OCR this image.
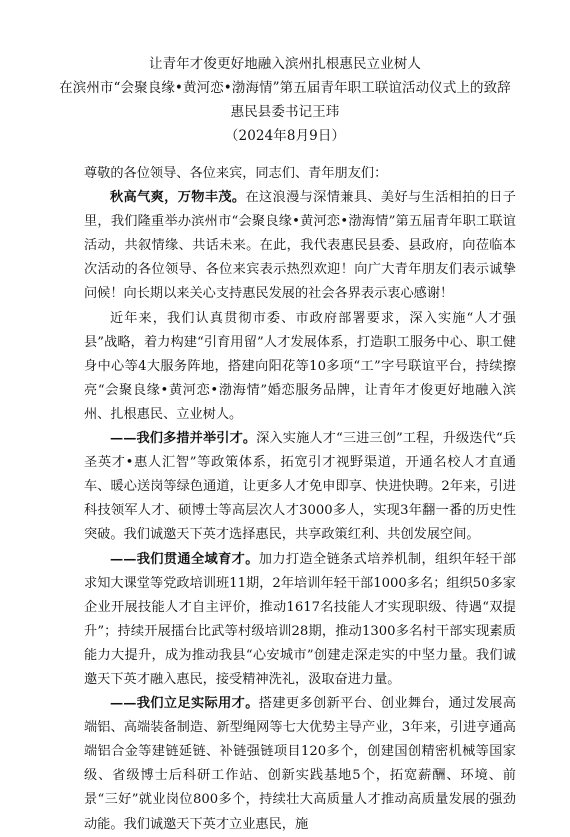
让青年才俊更好地融入滨州扎根惠民立业树人
在滨州市“会聚良缘•黄河恋•渤海情”第五届青年职工联谊活动仪式上的致辞
惠民县委书记王玮
（2024年8月9日）

尊敬的各位领导、各位来宾，同志们、青年朋友们：

秋高气爽，万物丰茂。在这浪漫与深情兼具、美好与生活相拍的日子里，我们隆重举办滨州市“会聚良缘•黄河恋•渤海情”第五届青年职工联谊活动，共叙情缘、共话未来。在此，我代表惠民县委、县政府，向莅临本次活动的各位领导、各位来宾表示热烈欢迎！向广大青年朋友们表示诚挚问候！向长期以来关心支持惠民发展的社会各界表示衷心感谢！

近年来，我们认真贯彻市委、市政府部署要求，深入实施“人才强县”战略，着力构建“引育用留”人才发展体系，打造职工服务中心、职工健身中心等4大服务阵地，搭建向阳花等10多项“工”字号联谊平台，持续擦亮“会聚良缘•黄河恋•渤海情”婚恋服务品牌，让青年才俊更好地融入滨州、扎根惠民、立业树人。

——我们多措并举引才。深入实施人才“三进三创”工程，升级迭代“兵圣英才•惠人汇智”等政策体系，拓宽引才视野渠道，开通名校人才直通车、暖心送岗等绿色通道，让更多人才免申即享、快进快聘。2年来，引进科技领军人才、硕博士等高层次人才3000多人，实现3年翻一番的历史性突破。我们诚邀天下英才选择惠民，共享政策红利、共创发展空间。

——我们贯通全域育才。加力打造全链条式培养机制，组织年轻干部求知大课堂等党政培训班11期，2年培训年轻干部1000多名；组织50多家企业开展技能人才自主评价，推动1617名技能人才实现职级、待遇“双提升”；持续开展擂台比武等村级培训28期，推动1300多名村干部实现素质能力大提升，成为推动我县“心安城市”创建走深走实的中坚力量。我们诚邀天下英才融入惠民，接受精神洗礼，汲取奋进力量。

——我们立足实际用才。搭建更多创新平台、创业舞台，通过发展高端铝、高端装备制造、新型绳网等七大优势主导产业，3年来，引进亨通高端铝合金等建链延链、补链强链项目120多个，创建国创精密机械等国家级、省级博士后科研工作站、创新实践基地5个，拓宽薪酬、环境、前景“三好”就业岗位800多个，持续壮大高质量人才推动高质量发展的强劲动能。我们诚邀天下英才立业惠民，施
